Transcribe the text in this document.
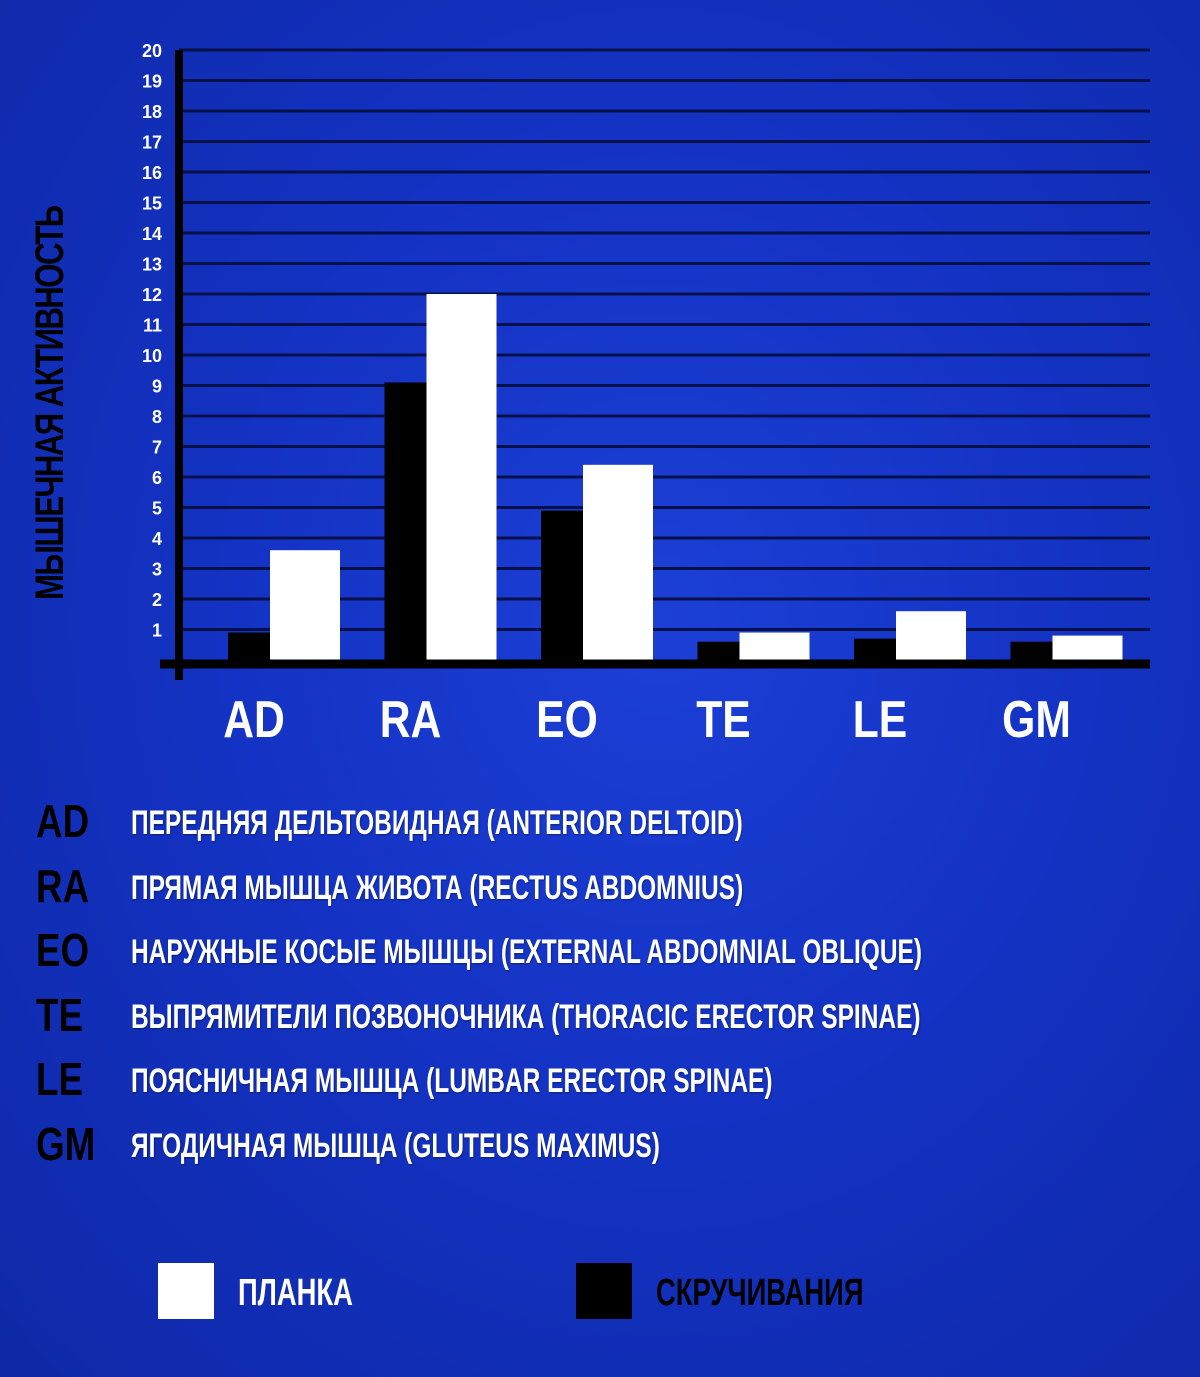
1
2
3
4
5
6
7
8
9
10
11
12
13
14
15
16
17
18
19
20
AD RA EO TE LE GM
МЫШЕЧНАЯ АКТИВНОСТЬ
AD ПЕРЕДНЯЯ ДЕЛЬТОВИДНАЯ (ANTERIOR DELTOID)
RA ПРЯМАЯ МЫШЦА ЖИВОТА (RECTUS ABDOMNIUS)
EO НАРУЖНЫЕ КОСЫЕ МЫШЦЫ (EXTERNAL ABDOMNIAL OBLIQUE)
TE ВЫПРЯМИТЕЛИ ПОЗВОНОЧНИКА (THORACIC ERECTOR SPINAE)
LE ПОЯСНИЧНАЯ МЫШЦА (LUMBAR ERECTOR SPINAE)
GM ЯГОДИЧНАЯ МЫШЦА (GLUTEUS MAXIMUS)
ПЛАНКА	СКРУЧИВАНИЯ
